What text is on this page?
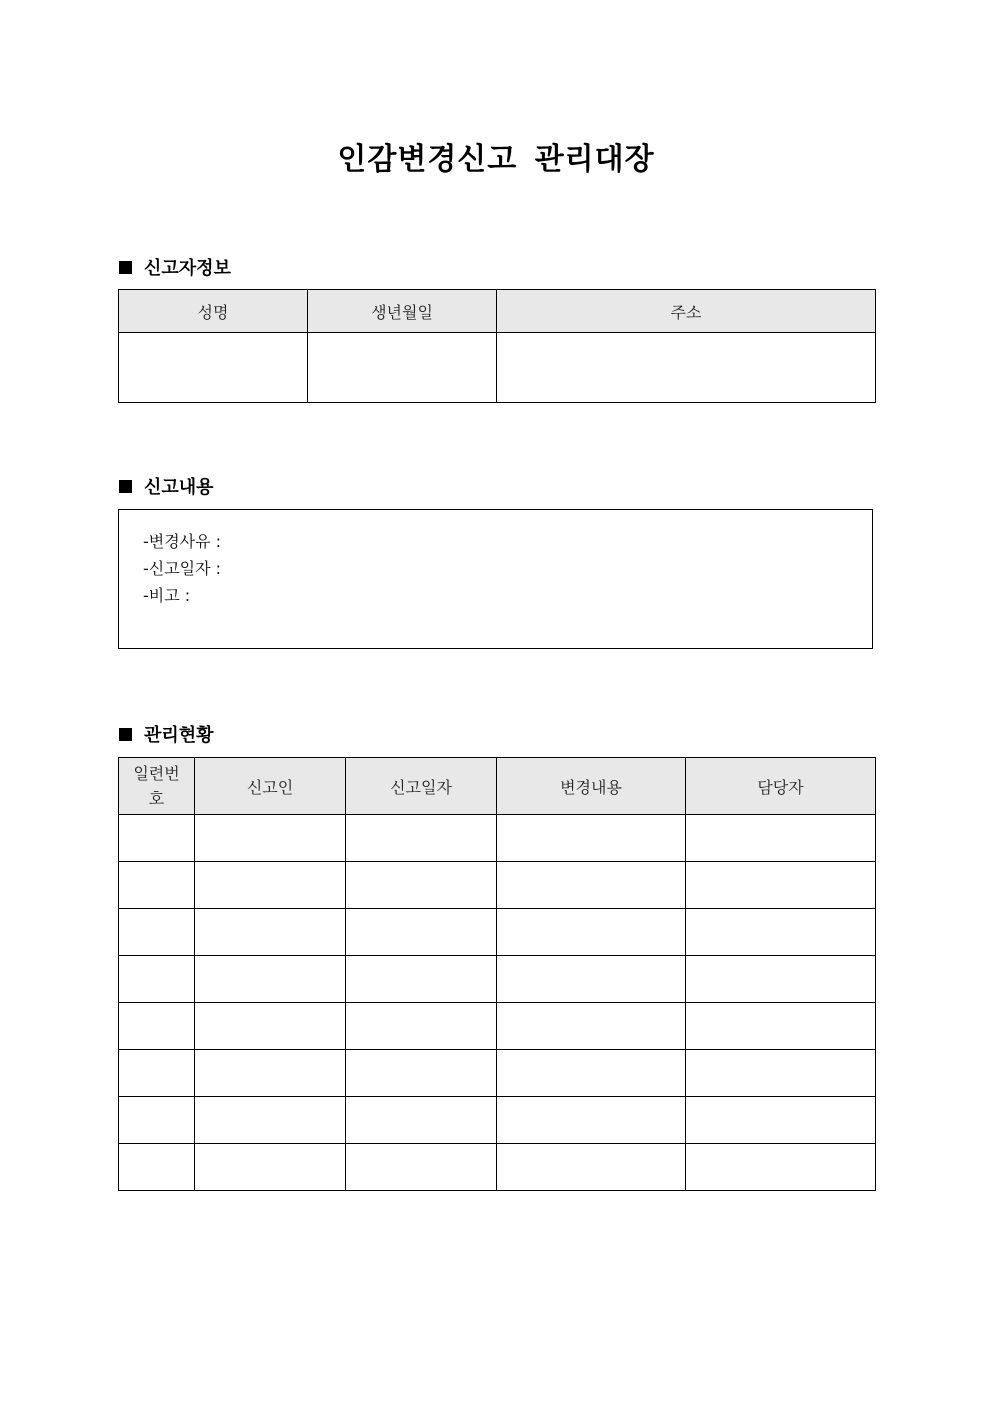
인감변경신고 관리대장
신고자정보
성명	생년월일	주소

신고내용
-변경사유 :
-신고일자 :
-비고 :
관리현황
일련번
호	신고인	신고일자	변경내용	담당자
